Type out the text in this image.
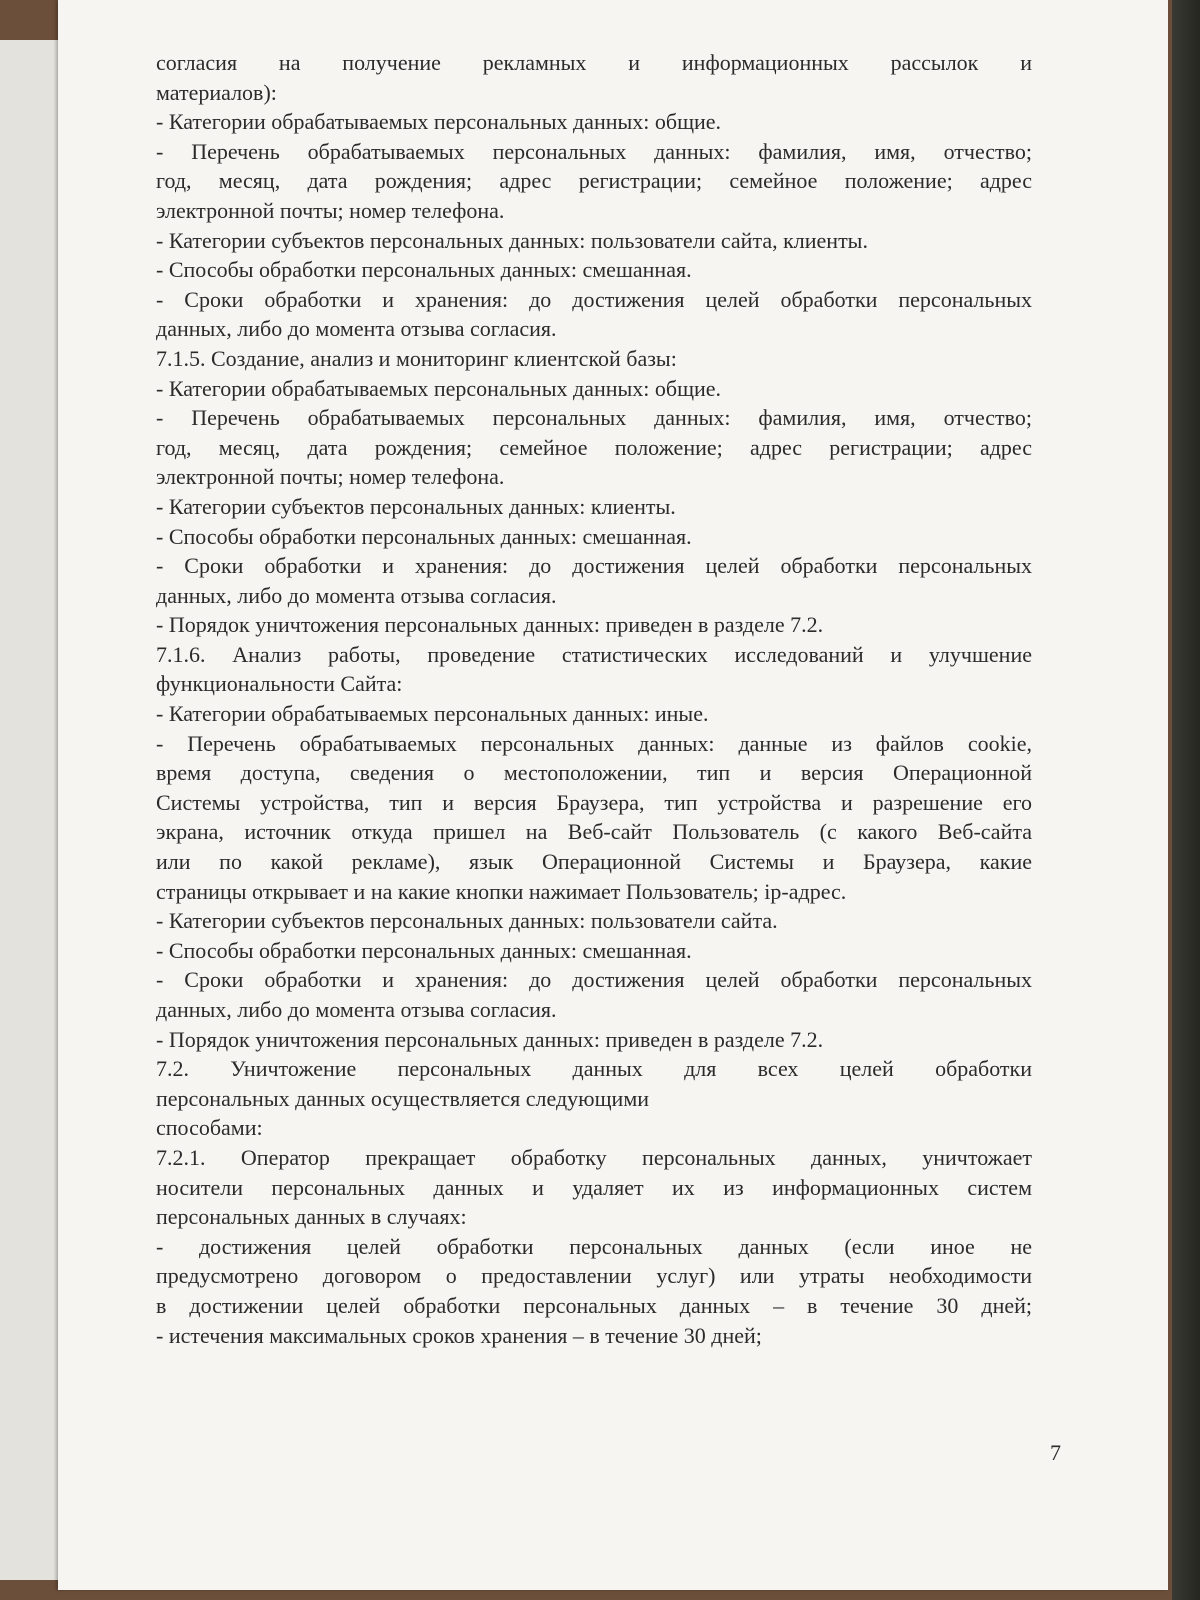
согласия на получение рекламных и информационных рассылок и

материалов):

- Категории обрабатываемых персональных данных: общие.

- Перечень обрабатываемых персональных данных: фамилия, имя, отчество;

год, месяц, дата рождения; адрес регистрации; семейное положение; адрес

электронной почты; номер телефона.

- Категории субъектов персональных данных: пользователи сайта, клиенты.

- Способы обработки персональных данных: смешанная.

- Сроки обработки и хранения: до достижения целей обработки персональных

данных, либо до момента отзыва согласия.

7.1.5. Создание, анализ и мониторинг клиентской базы:

- Категории обрабатываемых персональных данных: общие.

- Перечень обрабатываемых персональных данных: фамилия, имя, отчество;

год, месяц, дата рождения; семейное положение; адрес регистрации; адрес

электронной почты; номер телефона.

- Категории субъектов персональных данных: клиенты.

- Способы обработки персональных данных: смешанная.

- Сроки обработки и хранения: до достижения целей обработки персональных

данных, либо до момента отзыва согласия.

- Порядок уничтожения персональных данных: приведен в разделе 7.2.

7.1.6. Анализ работы, проведение статистических исследований и улучшение

функциональности Сайта:

- Категории обрабатываемых персональных данных: иные.

- Перечень обрабатываемых персональных данных: данные из файлов cookie,

время доступа, сведения о местоположении, тип и версия Операционной

Системы устройства, тип и версия Браузера, тип устройства и разрешение его

экрана, источник откуда пришел на Веб-сайт Пользователь (с какого Веб-сайта

или по какой рекламе), язык Операционной Системы и Браузера, какие

страницы открывает и на какие кнопки нажимает Пользователь; ip-адрес.

- Категории субъектов персональных данных: пользователи сайта.

- Способы обработки персональных данных: смешанная.

- Сроки обработки и хранения: до достижения целей обработки персональных

данных, либо до момента отзыва согласия.

- Порядок уничтожения персональных данных: приведен в разделе 7.2.

7.2. Уничтожение персональных данных для всех целей обработки

персональных данных осуществляется следующими

способами:

7.2.1. Оператор прекращает обработку персональных данных, уничтожает

носители персональных данных и удаляет их из информационных систем

персональных данных в случаях:

- достижения целей обработки персональных данных (если иное не

предусмотрено договором о предоставлении услуг) или утраты необходимости

в достижении целей обработки персональных данных – в течение 30 дней;

- истечения максимальных сроков хранения – в течение 30 дней;

7
